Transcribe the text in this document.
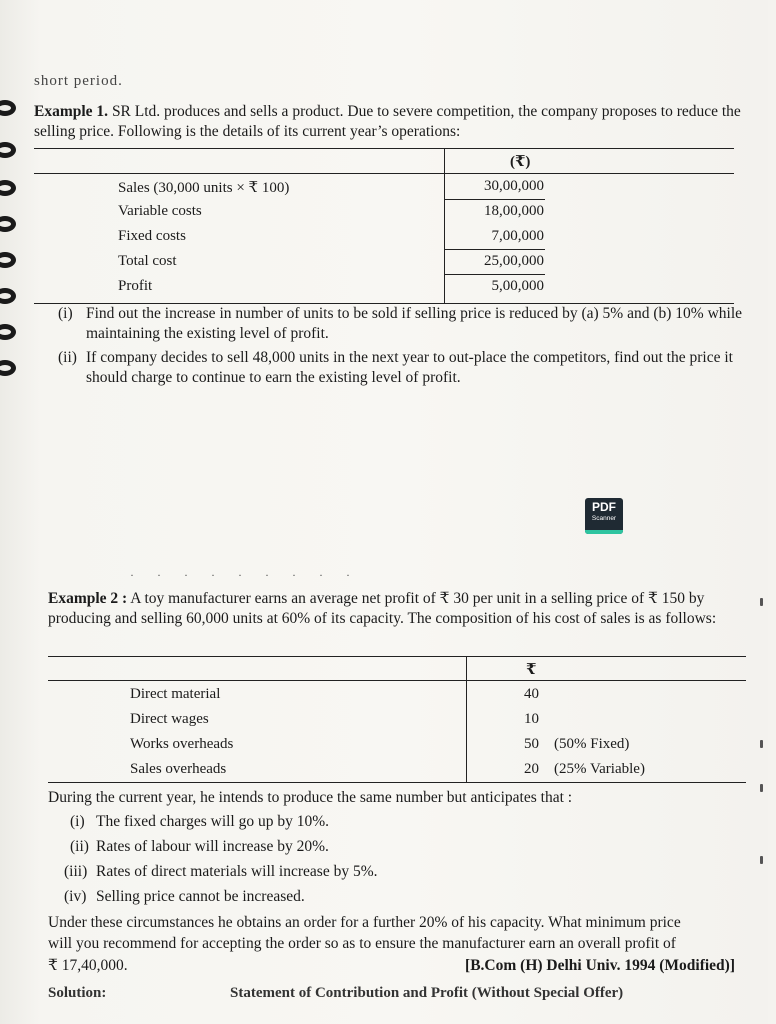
short period.
Example 1. SR Ltd. produces and sells a product. Due to severe competition, the company proposes to reduce the selling price. Following is the details of its current year’s operations:
(₹)
Sales (30,000 units × ₹ 100)	30,00,000
Variable costs	18,00,000
Fixed costs	7,00,000
Total cost	25,00,000
Profit	5,00,000
(i) Find out the increase in number of units to be sold if selling price is reduced by (a) 5% and (b) 10% while maintaining the existing level of profit.
(ii) If company decides to sell 48,000 units in the next year to out-place the competitors, find out the price it should charge to continue to earn the existing level of profit.
PDF
Scanner
· · · · · · · · ·
Example 2 : A toy manufacturer earns an average net profit of ₹ 30 per unit in a selling price of ₹ 150 by producing and selling 60,000 units at 60% of its capacity. The composition of his cost of sales is as follows:
₹
Direct material	40
Direct wages	10
Works overheads	50 (50% Fixed)
Sales overheads	20 (25% Variable)
During the current year, he intends to produce the same number but anticipates that :
(i) The fixed charges will go up by 10%.
(ii) Rates of labour will increase by 20%.
(iii) Rates of direct materials will increase by 5%.
(iv) Selling price cannot be increased.
Under these circumstances he obtains an order for a further 20% of his capacity. What minimum price
will you recommend for accepting the order so as to ensure the manufacturer earn an overall profit of
₹ 17,40,000.	[B.Com (H) Delhi Univ. 1994 (Modified)]
Solution:	Statement of Contribution and Profit (Without Special Offer)
